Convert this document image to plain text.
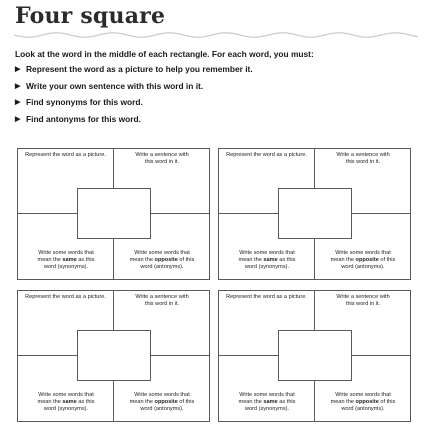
Four square

Look at the word in the middle of each rectangle. For each word, you must:

▶ Represent the word as a picture to help you remember it.
▶ Write your own sentence with this word in it.
▶ Find synonyms for this word.
▶ Find antonyms for this word.
Represent the word as a picture.	Write a sentence with
this word in it.
Write some words that
mean the same as this
word (synonyms).
Write some words that
mean the opposite of this
word (antonyms).
Represent the word as a picture.	Write a sentence with
this word in it.
Write some words that
mean the same as this
word (synonyms).
Write some words that
mean the opposite of this
word (antonyms).
Represent the word as a picture.	Write a sentence with
this word in it.
Write some words that
mean the same as this
word (synonyms).
Write some words that
mean the opposite of this
word (antonyms).
Represent the word as a picture.	Write a sentence with
this word in it.
Write some words that
mean the same as this
word (synonyms).
Write some words that
mean the opposite of this
word (antonyms).
